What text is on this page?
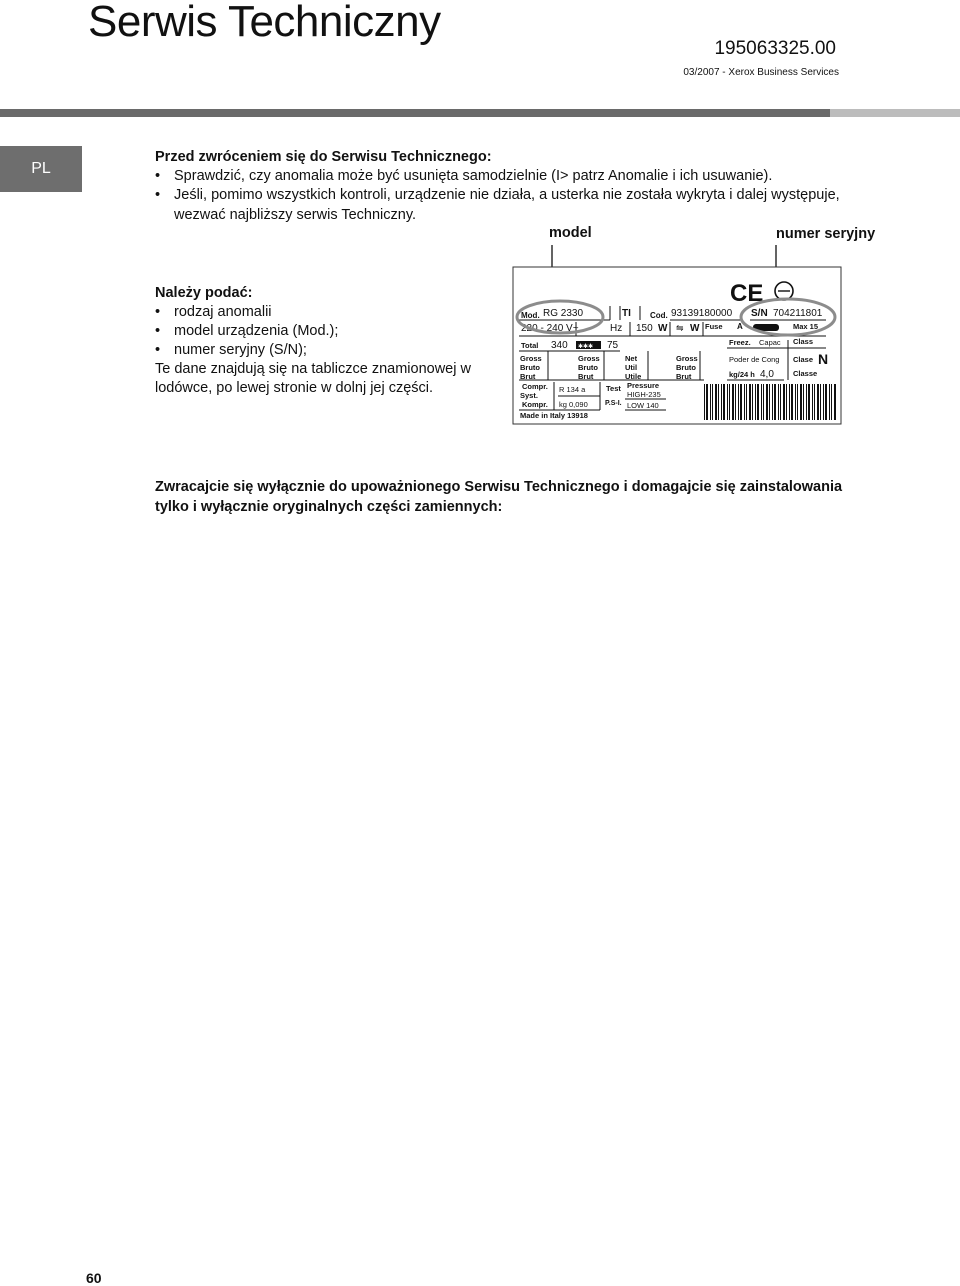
Serwis Techniczny
195063325.00
03/2007 - Xerox Business Services
PL
Przed zwróceniem się do Serwisu Technicznego:
• Sprawdzić, czy anomalia może być usunięta samodzielnie (I> patrz Anomalie i ich usuwanie).
• Jeśli, pomimo wszystkich kontroli, urządzenie nie działa, a usterka nie została wykryta i dalej występuje,
wezwać najbliższy serwis Techniczny.
Należy podać:
• rodzaj anomalii
• model urządzenia (Mod.);
• numer seryjny (S/N);
Te dane znajdują się na tabliczce znamionowej w
lodówce, po lewej stronie w dolnj jej części.
model	numer seryjny
CE
Mod. RG 2330	TI Cod. 93139180000 S/N 704211801
220 - 240 V~	Hz 150 W ⇋ W Fuse A	Max 15
Total 340 ✱✱✱ 75	Freez. Capac Class
Gross
Bruto
Brut
Gross
Bruto
Brut
Net
Util
Utile
Gross
Bruto
Brut
Poder de Cong Clase N
kg/24 h 4,0	Classe
Compr.
Syst.
Kompr.
R 134 a
kg 0,090
Test Pressure
HIGH-235
P.S-I. LOW 140
Made in Italy 13918
Zwracajcie się wyłącznie do upoważnionego Serwisu Technicznego i domagajcie się zainstalowania
tylko i wyłącznie oryginalnych części zamiennych:
60
